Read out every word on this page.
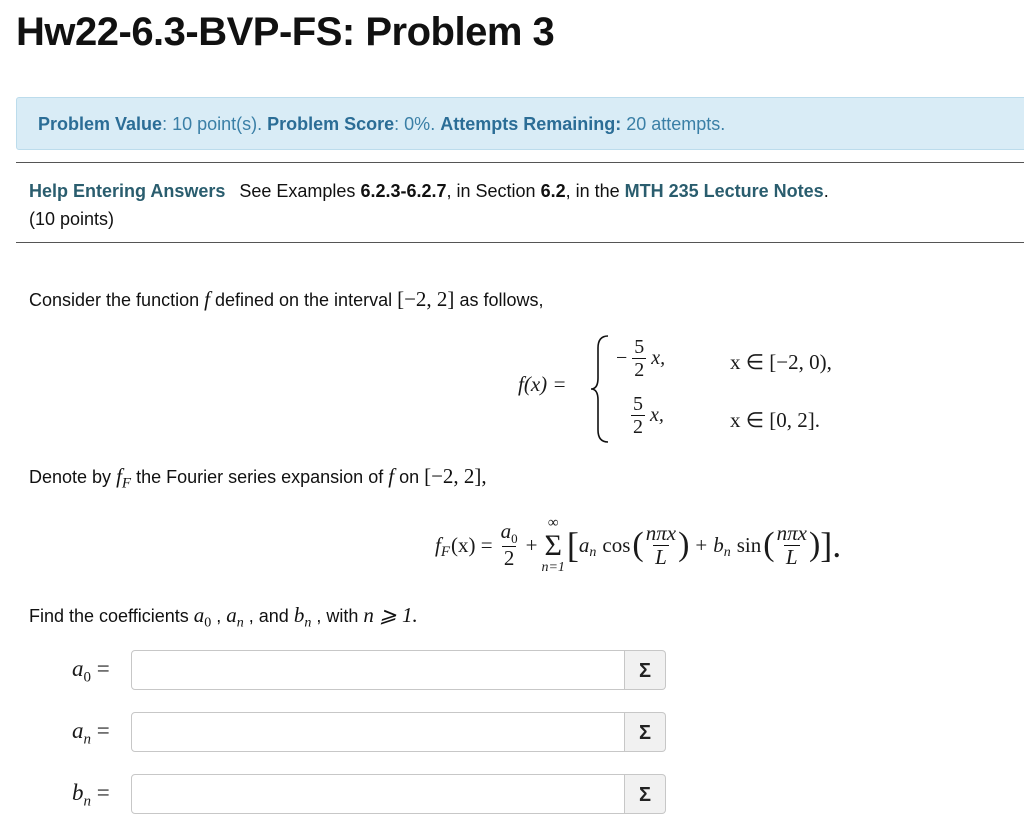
Hw22-6.3-BVP-FS: Problem 3
Problem Value: 10 point(s). Problem Score: 0%. Attempts Remaining: 20 attempts.
Help Entering Answers See Examples 6.2.3-6.2.7, in Section 6.2, in the MTH 235 Lecture Notes.
(10 points)
Consider the function f defined on the interval [−2, 2] as follows,
f(x) =
− $\frac{5}{2} x$,
$\frac{5}{2} x$,
x ∈ [−2, 0),
x ∈ [0, 2].
Denote by $f_F$ the Fourier series expansion of f on [−2, 2],
$f_F$ $(x) = \frac{a_0}{2}$ +
∞
Σ
n=1
[ $a_n$ cos ( $\frac{\text{nπx}}{L}$ ) + $b_n$ sin ( $\frac{\text{nπx}}{L}$ ) ].
Find the coefficients $a_0$ , $a_n$ , and $b_n$ , with n ⩾ 1.
$a_0$ =	Σ
$a_n$ =	Σ
$b_n$ =	Σ
